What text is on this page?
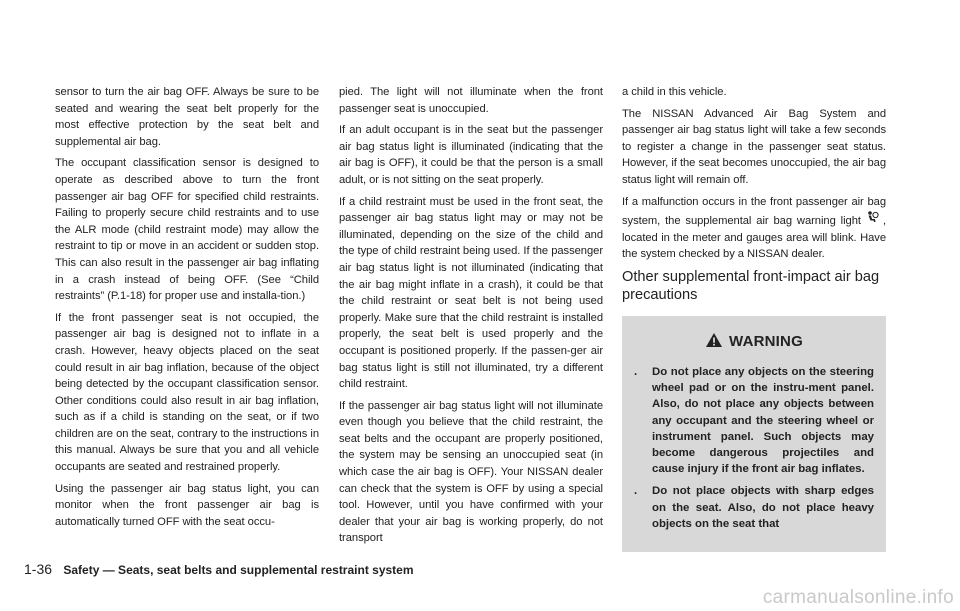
sensor to turn the air bag OFF. Always be sure to be seated and wearing the seat belt properly for the most effective protection by the seat belt and supplemental air bag.

The occupant classification sensor is designed to operate as described above to turn the front passenger air bag OFF for specified child restraints. Failing to properly secure child restraints and to use the ALR mode (child restraint mode) may allow the restraint to tip or move in an accident or sudden stop. This can also result in the passenger air bag inflating in a crash instead of being OFF. (See “Child restraints” (P.1-18) for proper use and installa-tion.)

If the front passenger seat is not occupied, the passenger air bag is designed not to inflate in a crash. However, heavy objects placed on the seat could result in air bag inflation, because of the object being detected by the occupant classification sensor. Other conditions could also result in air bag inflation, such as if a child is standing on the seat, or if two children are on the seat, contrary to the instructions in this manual. Always be sure that you and all vehicle occupants are seated and restrained properly.

Using the passenger air bag status light, you can monitor when the front passenger air bag is automatically turned OFF with the seat occu-

pied. The light will not illuminate when the front passenger seat is unoccupied.

If an adult occupant is in the seat but the passenger air bag status light is illuminated (indicating that the air bag is OFF), it could be that the person is a small adult, or is not sitting on the seat properly.

If a child restraint must be used in the front seat, the passenger air bag status light may or may not be illuminated, depending on the size of the child and the type of child restraint being used. If the passenger air bag status light is not illuminated (indicating that the air bag might inflate in a crash), it could be that the child restraint or seat belt is not being used properly. Make sure that the child restraint is installed properly, the seat belt is used properly and the occupant is positioned properly. If the passen-ger air bag status light is still not illuminated, try a different child restraint.

If the passenger air bag status light will not illuminate even though you believe that the child restraint, the seat belts and the occupant are properly positioned, the system may be sensing an unoccupied seat (in which case the air bag is OFF). Your NISSAN dealer can check that the system is OFF by using a special tool. However, until you have confirmed with your dealer that your air bag is working properly, do not transport

a child in this vehicle.

The NISSAN Advanced Air Bag System and passenger air bag status light will take a few seconds to register a change in the passenger seat status. However, if the seat becomes unoccupied, the air bag status light will remain off.

If a malfunction occurs in the front passenger air bag system, the supplemental air bag warning light , located in the meter and gauges area will blink. Have the system checked by a NISSAN dealer.

Other supplemental front-impact air bag precautions
WARNING
.	Do not place any objects on the steering wheel pad or on the instru-ment panel. Also, do not place any objects between any occupant and the steering wheel or instrument panel. Such objects may become dangerous projectiles and cause injury if the front air bag inflates.
.	Do not place objects with sharp edges on the seat. Also, do not place heavy objects on the seat that
1-36 Safety — Seats, seat belts and supplemental restraint system
carmanualsonline.info
